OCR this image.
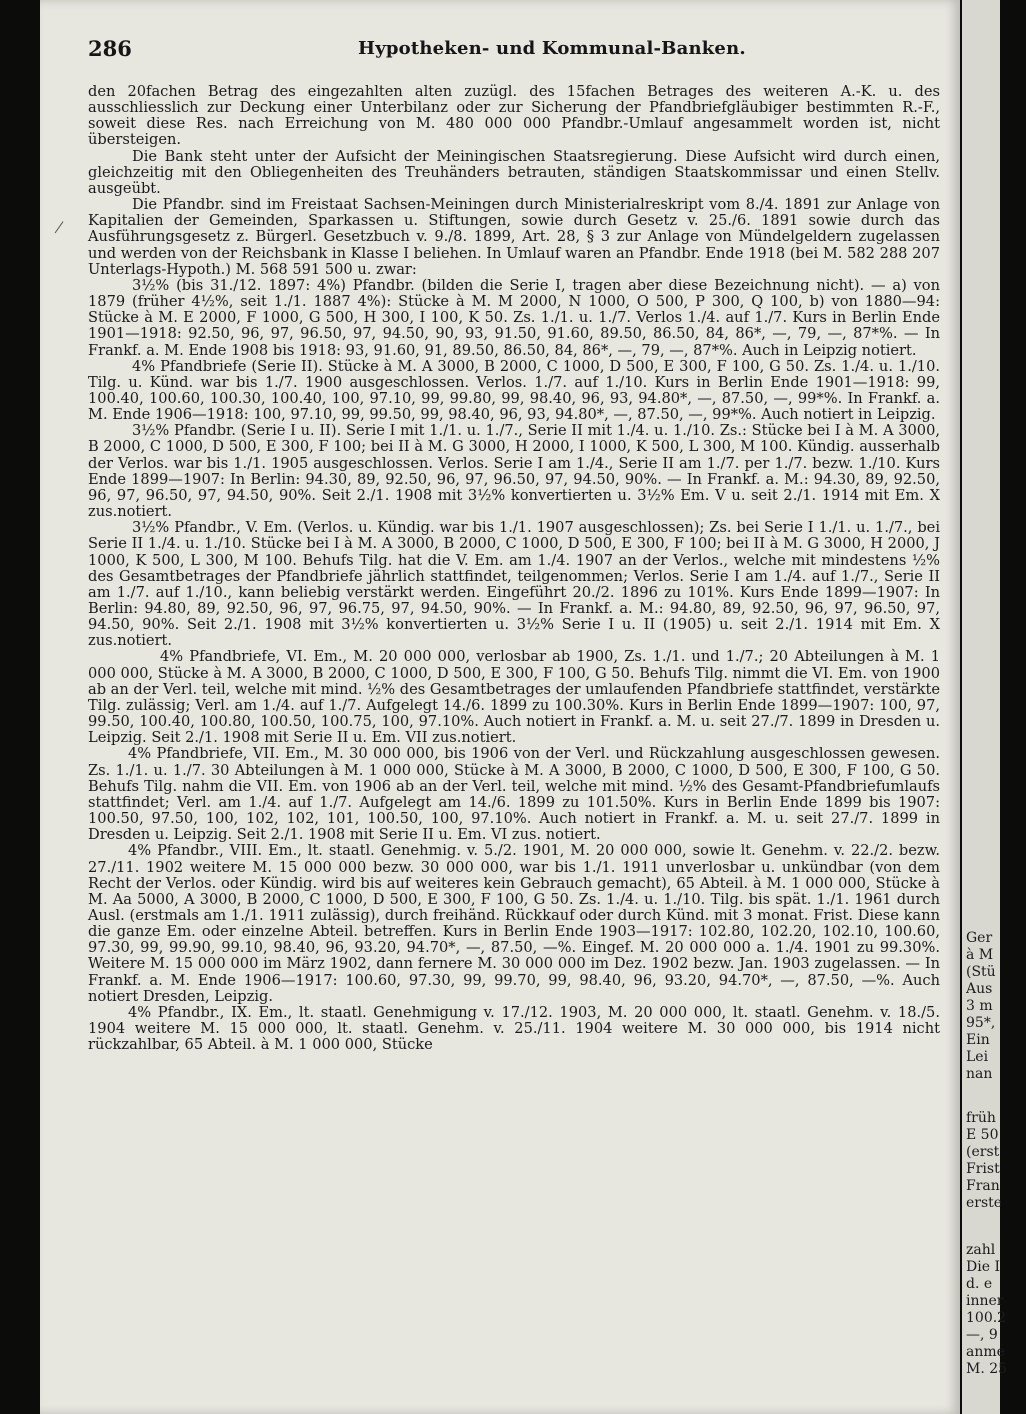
286	Hypotheken- und Kommunal-Banken.

den 20fachen Betrag des eingezahlten alten zuzügl. des 15fachen Betrages des weiteren A.-K. u. des ausschliesslich zur Deckung einer Unterbilanz oder zur Sicherung der Pfandbriefgläubiger bestimmten R.-F., soweit diese Res. nach Erreichung von M. 480 000 000 Pfandbr.-Umlauf angesammelt worden ist, nicht übersteigen.

Die Bank steht unter der Aufsicht der Meiningischen Staatsregierung. Diese Aufsicht wird durch einen, gleichzeitig mit den Obliegenheiten des Treuhänders betrauten, ständigen Staatskommissar und einen Stellv. ausgeübt.

Die Pfandbr. sind im Freistaat Sachsen-Meiningen durch Ministerialreskript vom 8./4. 1891 zur Anlage von Kapitalien der Gemeinden, Sparkassen u. Stiftungen, sowie durch Gesetz v. 25./6. 1891 sowie durch das Ausführungsgesetz z. Bürgerl. Gesetzbuch v. 9./8. 1899, Art. 28, § 3 zur Anlage von Mündelgeldern zugelassen und werden von der Reichsbank in Klasse I beliehen. In Umlauf waren an Pfandbr. Ende 1918 (bei M. 582 288 207 Unterlags-Hypoth.) M. 568 591 500 u. zwar:

3½% (bis 31./12. 1897: 4%) Pfandbr. (bilden die Serie I, tragen aber diese Bezeichnung nicht). — a) von 1879 (früher 4½%, seit 1./1. 1887 4%): Stücke à M. M 2000, N 1000, O 500, P 300, Q 100, b) von 1880—94: Stücke à M. E 2000, F 1000, G 500, H 300, I 100, K 50. Zs. 1./1. u. 1./7. Verlos 1./4. auf 1./7. Kurs in Berlin Ende 1901—1918: 92.50, 96, 97, 96.50, 97, 94.50, 90, 93, 91.50, 91.60, 89.50, 86.50, 84, 86*, —, 79, —, 87*%. — In Frankf. a. M. Ende 1908 bis 1918: 93, 91.60, 91, 89.50, 86.50, 84, 86*, —, 79, —, 87*%. Auch in Leipzig notiert.

4% Pfandbriefe (Serie II). Stücke à M. A 3000, B 2000, C 1000, D 500, E 300, F 100, G 50. Zs. 1./4. u. 1./10. Tilg. u. Künd. war bis 1./7. 1900 ausgeschlossen. Verlos. 1./7. auf 1./10. Kurs in Berlin Ende 1901—1918: 99, 100.40, 100.60, 100.30, 100.40, 100, 97.10, 99, 99.80, 99, 98.40, 96, 93, 94.80*, —, 87.50, —, 99*%. In Frankf. a. M. Ende 1906—1918: 100, 97.10, 99, 99.50, 99, 98.40, 96, 93, 94.80*, —, 87.50, —, 99*%. Auch notiert in Leipzig.

3½% Pfandbr. (Serie I u. II). Serie I mit 1./1. u. 1./7., Serie II mit 1./4. u. 1./10. Zs.: Stücke bei I à M. A 3000, B 2000, C 1000, D 500, E 300, F 100; bei II à M. G 3000, H 2000, I 1000, K 500, L 300, M 100. Kündig. ausserhalb der Verlos. war bis 1./1. 1905 ausgeschlossen. Verlos. Serie I am 1./4., Serie II am 1./7. per 1./7. bezw. 1./10. Kurs Ende 1899—1907: In Berlin: 94.30, 89, 92.50, 96, 97, 96.50, 97, 94.50, 90%. — In Frankf. a. M.: 94.30, 89, 92.50, 96, 97, 96.50, 97, 94.50, 90%. Seit 2./1. 1908 mit 3½% konvertierten u. 3½% Em. V u. seit 2./1. 1914 mit Em. X zus.notiert.

3½% Pfandbr., V. Em. (Verlos. u. Kündig. war bis 1./1. 1907 ausgeschlossen); Zs. bei Serie I 1./1. u. 1./7., bei Serie II 1./4. u. 1./10. Stücke bei I à M. A 3000, B 2000, C 1000, D 500, E 300, F 100; bei II à M. G 3000, H 2000, J 1000, K 500, L 300, M 100. Behufs Tilg. hat die V. Em. am 1./4. 1907 an der Verlos., welche mit mindestens ½% des Gesamtbetrages der Pfandbriefe jährlich stattfindet, teilgenommen; Verlos. Serie I am 1./4. auf 1./7., Serie II am 1./7. auf 1./10., kann beliebig verstärkt werden. Eingeführt 20./2. 1896 zu 101%. Kurs Ende 1899—1907: In Berlin: 94.80, 89, 92.50, 96, 97, 96.75, 97, 94.50, 90%. — In Frankf. a. M.: 94.80, 89, 92.50, 96, 97, 96.50, 97, 94.50, 90%. Seit 2./1. 1908 mit 3½% konvertierten u. 3½% Serie I u. II (1905) u. seit 2./1. 1914 mit Em. X zus.notiert.

4% Pfandbriefe, VI. Em., M. 20 000 000, verlosbar ab 1900, Zs. 1./1. und 1./7.; 20 Abteilungen à M. 1 000 000, Stücke à M. A 3000, B 2000, C 1000, D 500, E 300, F 100, G 50. Behufs Tilg. nimmt die VI. Em. von 1900 ab an der Verl. teil, welche mit mind. ½% des Gesamtbetrages der umlaufenden Pfandbriefe stattfindet, verstärkte Tilg. zulässig; Verl. am 1./4. auf 1./7. Aufgelegt 14./6. 1899 zu 100.30%. Kurs in Berlin Ende 1899—1907: 100, 97, 99.50, 100.40, 100.80, 100.50, 100.75, 100, 97.10%. Auch notiert in Frankf. a. M. u. seit 27./7. 1899 in Dresden u. Leipzig. Seit 2./1. 1908 mit Serie II u. Em. VII zus.notiert.

4% Pfandbriefe, VII. Em., M. 30 000 000, bis 1906 von der Verl. und Rückzahlung ausgeschlossen gewesen. Zs. 1./1. u. 1./7. 30 Abteilungen à M. 1 000 000, Stücke à M. A 3000, B 2000, C 1000, D 500, E 300, F 100, G 50. Behufs Tilg. nahm die VII. Em. von 1906 ab an der Verl. teil, welche mit mind. ½% des Gesamt-Pfandbriefumlaufs stattfindet; Verl. am 1./4. auf 1./7. Aufgelegt am 14./6. 1899 zu 101.50%. Kurs in Berlin Ende 1899 bis 1907: 100.50, 97.50, 100, 102, 102, 101, 100.50, 100, 97.10%. Auch notiert in Frankf. a. M. u. seit 27./7. 1899 in Dresden u. Leipzig. Seit 2./1. 1908 mit Serie II u. Em. VI zus. notiert.

4% Pfandbr., VIII. Em., lt. staatl. Genehmig. v. 5./2. 1901, M. 20 000 000, sowie lt. Genehm. v. 22./2. bezw. 27./11. 1902 weitere M. 15 000 000 bezw. 30 000 000, war bis 1./1. 1911 unverlosbar u. unkündbar (von dem Recht der Verlos. oder Kündig. wird bis auf weiteres kein Gebrauch gemacht), 65 Abteil. à M. 1 000 000, Stücke à M. Aa 5000, A 3000, B 2000, C 1000, D 500, E 300, F 100, G 50. Zs. 1./4. u. 1./10. Tilg. bis spät. 1./1. 1961 durch Ausl. (erstmals am 1./1. 1911 zulässig), durch freihänd. Rückkauf oder durch Künd. mit 3 monat. Frist. Diese kann die ganze Em. oder einzelne Abteil. betreffen. Kurs in Berlin Ende 1903—1917: 102.80, 102.20, 102.10, 100.60, 97.30, 99, 99.90, 99.10, 98.40, 96, 93.20, 94.70*, —, 87.50, —%. Eingef. M. 20 000 000 a. 1./4. 1901 zu 99.30%. Weitere M. 15 000 000 im März 1902, dann fernere M. 30 000 000 im Dez. 1902 bezw. Jan. 1903 zugelassen. — In Frankf. a. M. Ende 1906—1917: 100.60, 97.30, 99, 99.70, 99, 98.40, 96, 93.20, 94.70*, —, 87.50, —%. Auch notiert Dresden, Leipzig.

4% Pfandbr., IX. Em., lt. staatl. Genehmigung v. 17./12. 1903, M. 20 000 000, lt. staatl. Genehm. v. 18./5. 1904 weitere M. 15 000 000, lt. staatl. Genehm. v. 25./11. 1904 weitere M. 30 000 000, bis 1914 nicht rückzahlbar, 65 Abteil. à M. 1 000 000, Stücke

Ger
à M
(Stü
Aus
3 m
95*,
Ein
Lei
nan
früh
E 50
(erst
Frist
Fran
erste
zahl
Die I
d. e
inner
100.2
—, 9
anme
M. 25
